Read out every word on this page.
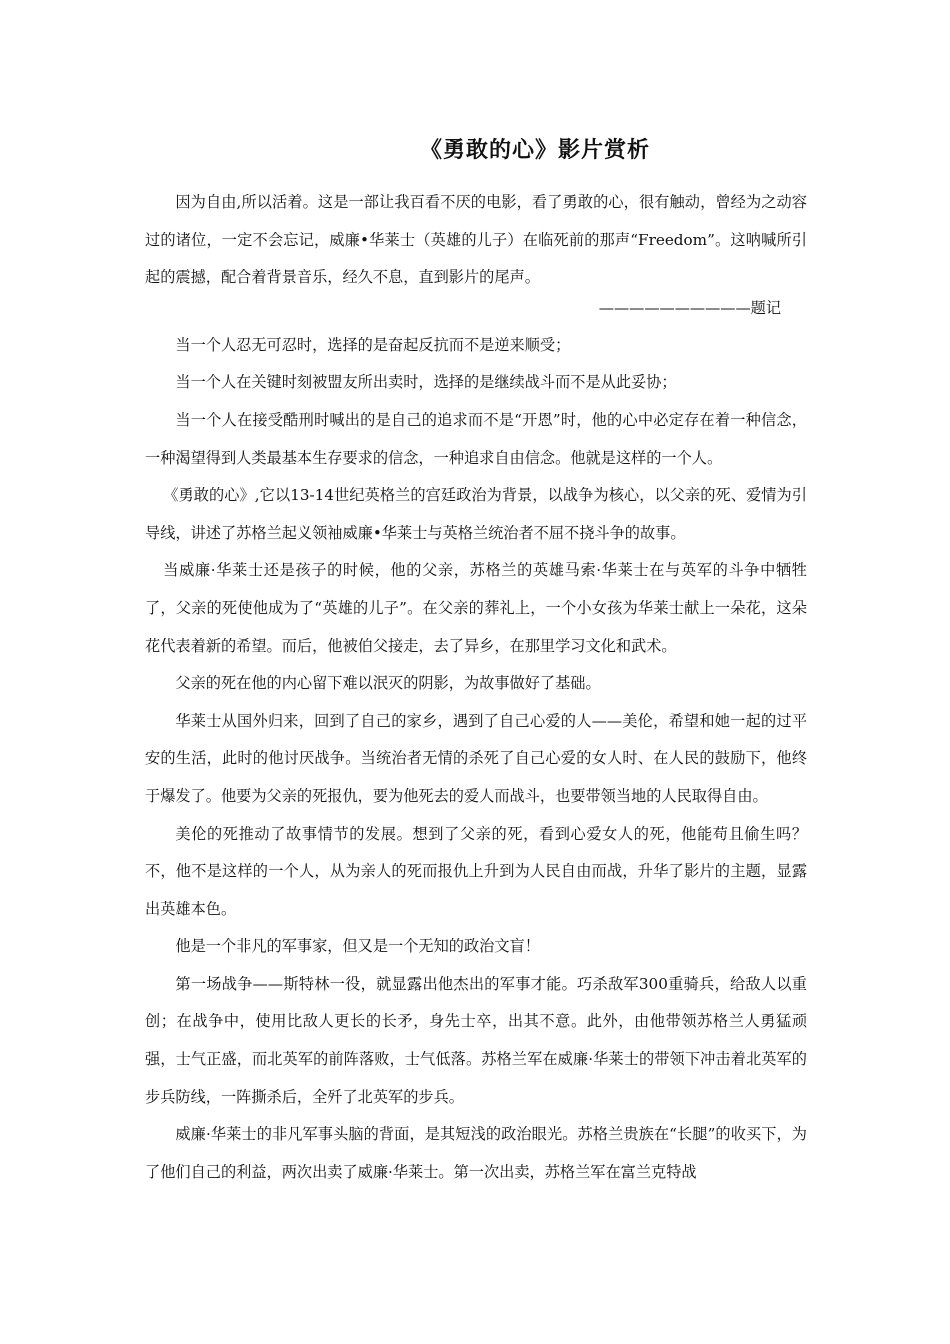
《勇敢的心》影片赏析

因为自由,所以活着。这是一部让我百看不厌的电影，看了勇敢的心，很有触动，曾经为之动容过的诸位，一定不会忘记，威廉•华莱士（英雄的儿子）在临死前的那声“Freedom”。这呐喊所引起的震撼，配合着背景音乐，经久不息，直到影片的尾声。

——————————题记

当一个人忍无可忍时，选择的是奋起反抗而不是逆来顺受；

当一个人在关键时刻被盟友所出卖时，选择的是继续战斗而不是从此妥协；

当一个人在接受酷刑时喊出的是自己的追求而不是“开恩”时，他的心中必定存在着一种信念，一种渴望得到人类最基本生存要求的信念，一种追求自由信念。他就是这样的一个人。

《勇敢的心》,它以13-14世纪英格兰的宫廷政治为背景，以战争为核心，以父亲的死、爱情为引导线，讲述了苏格兰起义领袖威廉•华莱士与英格兰统治者不屈不挠斗争的故事。

当威廉·华莱士还是孩子的时候，他的父亲，苏格兰的英雄马索·华莱士在与英军的斗争中牺牲了，父亲的死使他成为了“英雄的儿子”。在父亲的葬礼上，一个小女孩为华莱士献上一朵花，这朵花代表着新的希望。而后，他被伯父接走，去了异乡，在那里学习文化和武术。

父亲的死在他的内心留下难以泯灭的阴影，为故事做好了基础。

华莱士从国外归来，回到了自己的家乡，遇到了自己心爱的人——美伦，希望和她一起的过平安的生活，此时的他讨厌战争。当统治者无情的杀死了自己心爱的女人时、在人民的鼓励下，他终于爆发了。他要为父亲的死报仇，要为他死去的爱人而战斗，也要带领当地的人民取得自由。

美伦的死推动了故事情节的发展。想到了父亲的死，看到心爱女人的死，他能苟且偷生吗？不，他不是这样的一个人，从为亲人的死而报仇上升到为人民自由而战，升华了影片的主题，显露出英雄本色。

他是一个非凡的军事家，但又是一个无知的政治文盲！

第一场战争——斯特林一役，就显露出他杰出的军事才能。巧杀敌军300重骑兵，给敌人以重创；在战争中，使用比敌人更长的长矛，身先士卒，出其不意。此外，由他带领苏格兰人勇猛顽强，士气正盛，而北英军的前阵落败，士气低落。苏格兰军在威廉·华莱士的带领下冲击着北英军的步兵防线，一阵撕杀后，全歼了北英军的步兵。

威廉·华莱士的非凡军事头脑的背面，是其短浅的政治眼光。苏格兰贵族在“长腿”的收买下，为了他们自己的利益，两次出卖了威廉·华莱士。第一次出卖，苏格兰军在富兰克特战
